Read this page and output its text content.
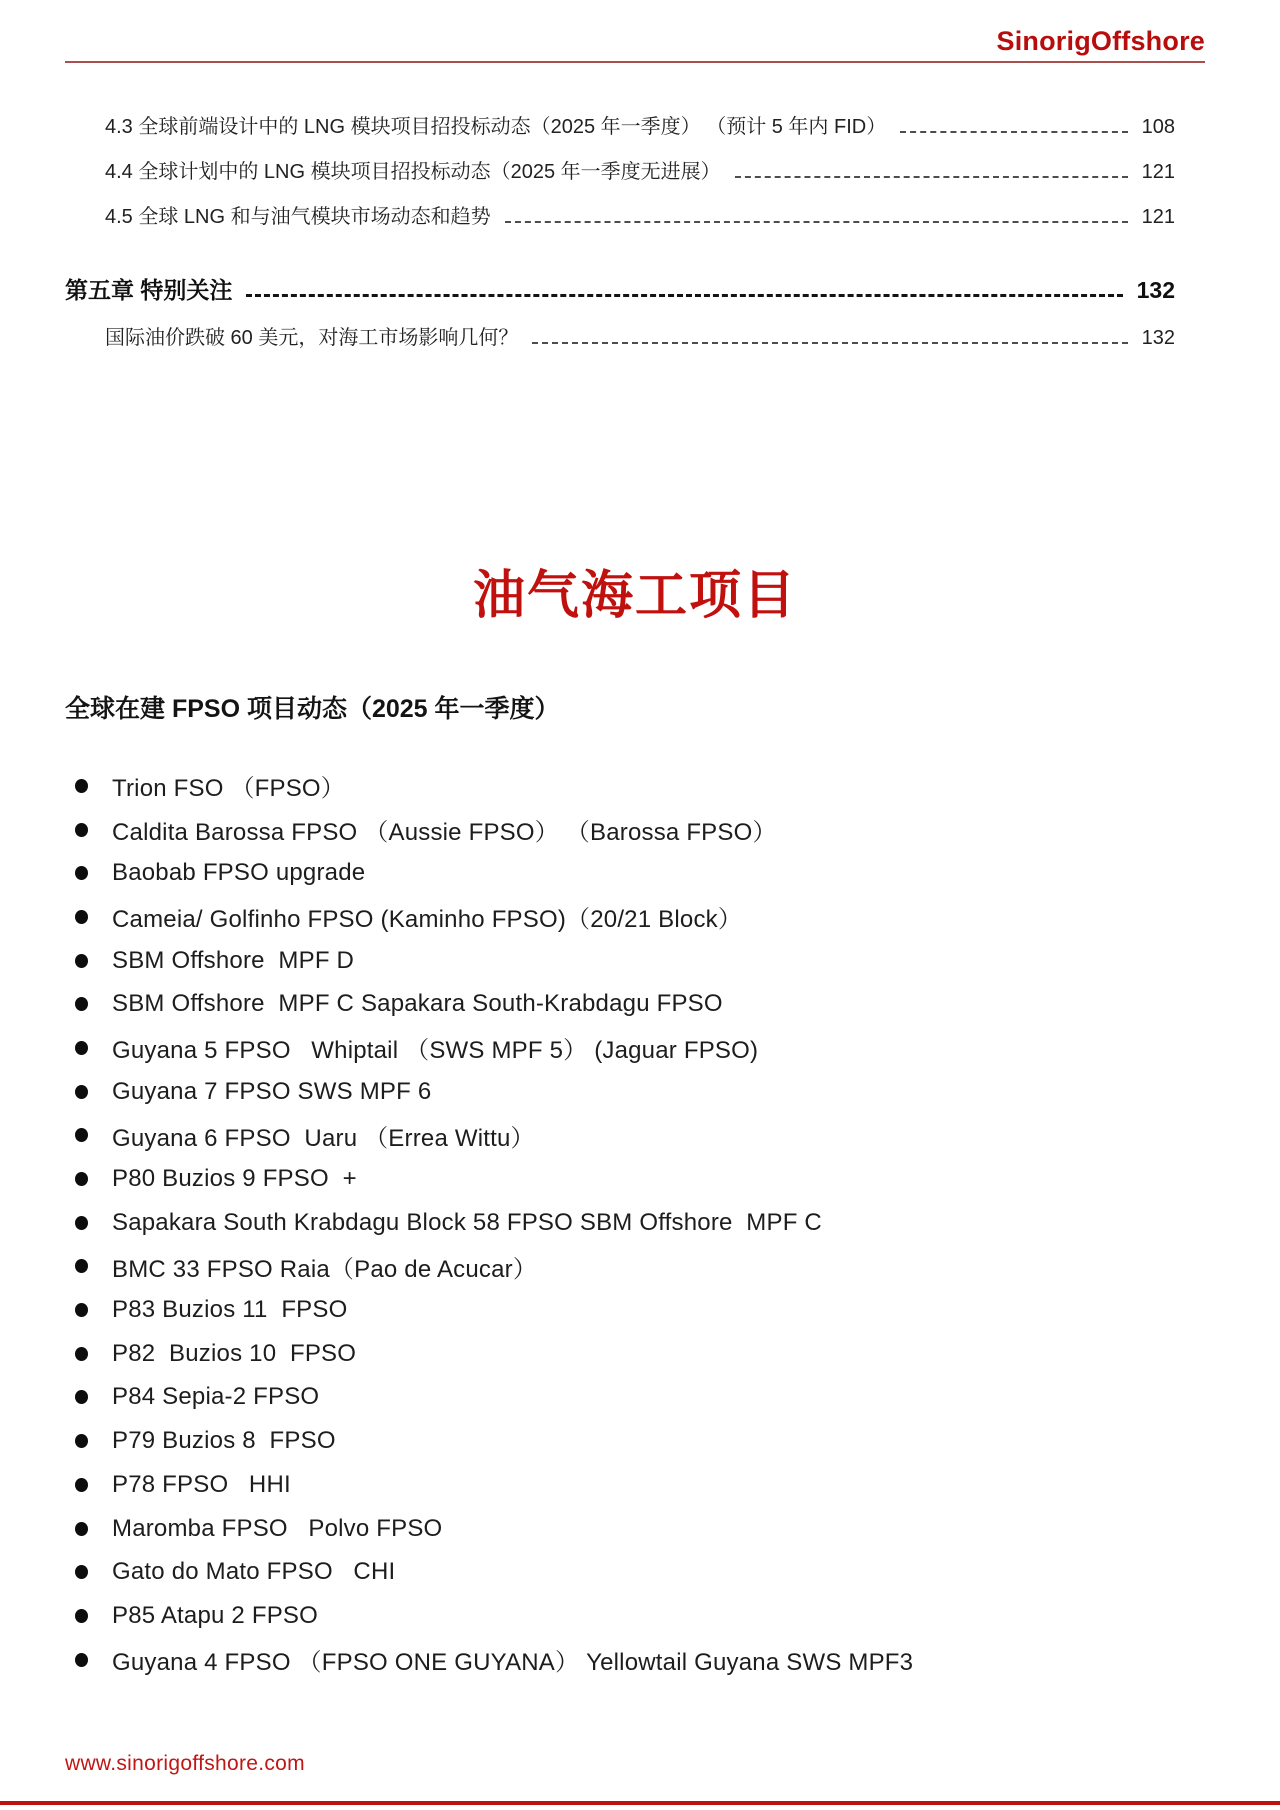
SinorigOffshore
4.3 全球前端设计中的 LNG 模块项目招投标动态（2025 年一季度） （预计 5 年内 FID）	108
4.4 全球计划中的 LNG 模块项目招投标动态（2025 年一季度无进展）	121
4.5 全球 LNG 和与油气模块市场动态和趋势	121
第五章 特别关注	132
国际油价跌破 60 美元，对海工市场影响几何？	132
油气海工项目
全球在建 FPSO 项目动态（2025 年一季度）
Trion FSO （FPSO）
Caldita Barossa FPSO （Aussie FPSO） （Barossa FPSO）
Baobab FPSO upgrade
Cameia/ Golfinho FPSO (Kaminho FPSO)（20/21 Block）
SBM Offshore  MPF D
SBM Offshore  MPF C Sapakara South-Krabdagu FPSO
Guyana 5 FPSO   Whiptail （SWS MPF 5） (Jaguar FPSO)
Guyana 7 FPSO SWS MPF 6
Guyana 6 FPSO  Uaru （Errea Wittu）
P80 Buzios 9 FPSO  +
Sapakara South Krabdagu Block 58 FPSO SBM Offshore  MPF C
BMC 33 FPSO Raia（Pao de Acucar）
P83 Buzios 11  FPSO
P82  Buzios 10  FPSO
P84 Sepia-2 FPSO
P79 Buzios 8  FPSO
P78 FPSO   HHI
Maromba FPSO   Polvo FPSO
Gato do Mato FPSO   CHI
P85 Atapu 2 FPSO
Guyana 4 FPSO （FPSO ONE GUYANA） Yellowtail Guyana SWS MPF3
www.sinorigoffshore.com
